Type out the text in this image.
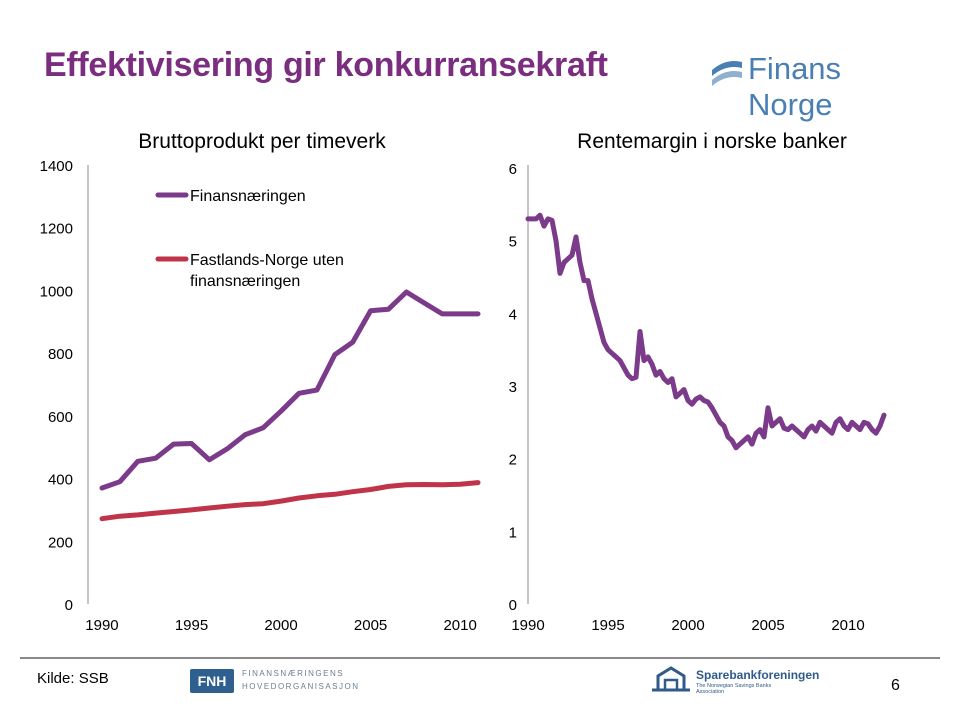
Effektivisering gir konkurransekraft	Finans Norge
Bruttoprodukt per timeverk
0
200
400
600
800
1000
1200
1400
1990	1995	2000	2005	2010
Finansnæringen
Fastlands-Norge uten
finansnæringen
Rentemargin i norske banker
0
1
2
3
4
5
6
1990	1995	2000	2005	2010
Kilde: SSB	FNH	FINANSNÆRINGENS
HOVEDORGANISASJON
Sparebankforeningen
The Norwegian Savings Banks Association	6
